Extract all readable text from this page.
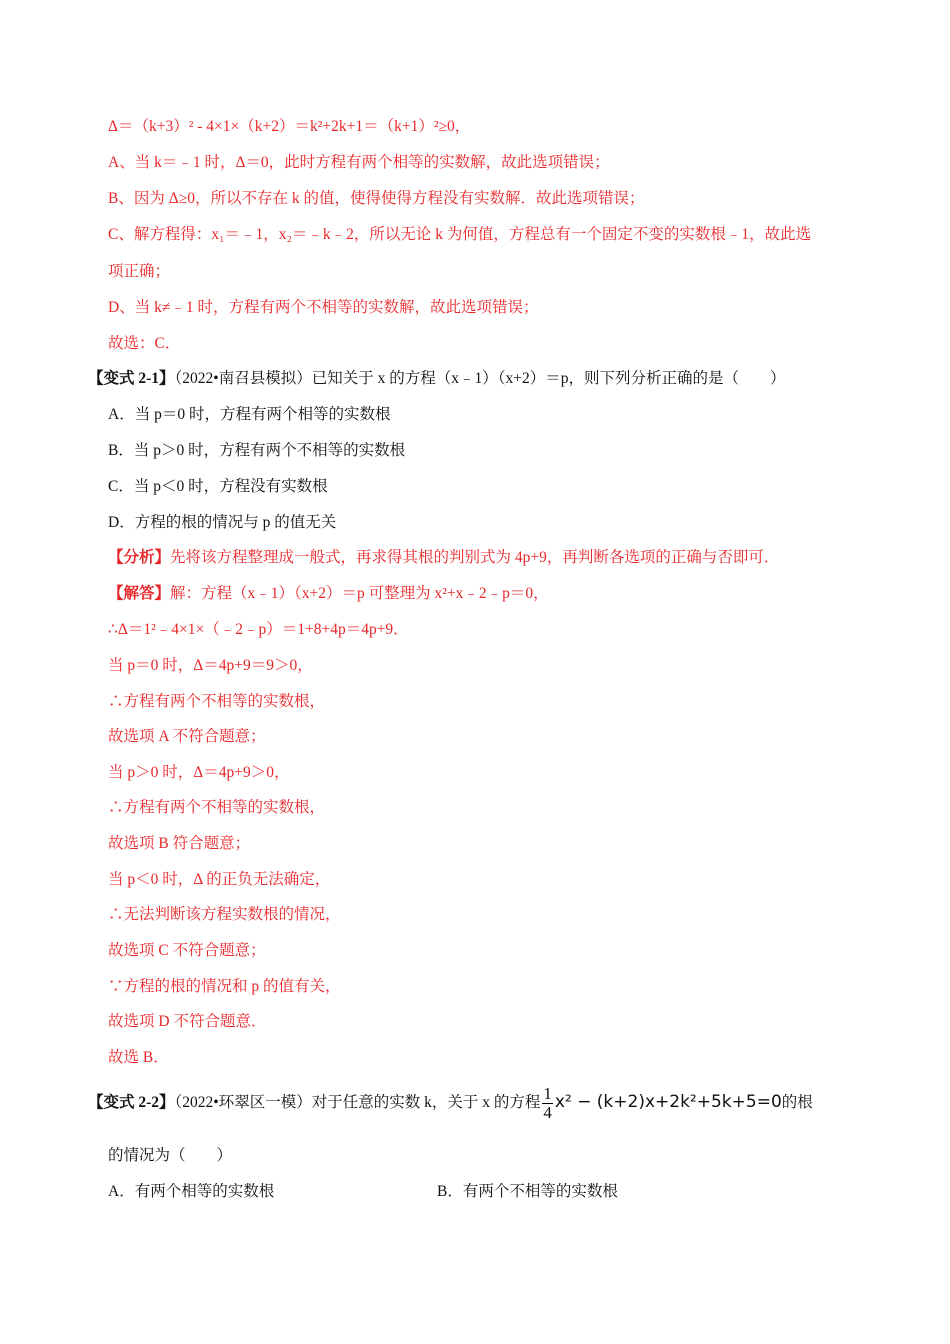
Δ＝（k+3）² ‑ 4×1×（k+2）＝k²+2k+1＝（k+1）²≥0，
A、当 k＝﹣1 时，Δ＝0，此时方程有两个相等的实数解，故此选项错误；
B、因为 Δ≥0，所以不存在 k 的值，使得使得方程没有实数解．故此选项错误；
C、解方程得：x₁＝﹣1，x₂＝﹣k﹣2，所以无论 k 为何值，方程总有一个固定不变的实数根﹣1，故此选
项正确；
D、当 k≠﹣1 时，方程有两个不相等的实数解，故此选项错误；
故选：C．
【变式 2-1】（2022•南召县模拟）已知关于 x 的方程（x﹣1）（x+2）＝p，则下列分析正确的是（　　）
A．当 p＝0 时，方程有两个相等的实数根
B．当 p＞0 时，方程有两个不相等的实数根
C．当 p＜0 时，方程没有实数根
D．方程的根的情况与 p 的值无关
【分析】先将该方程整理成一般式，再求得其根的判别式为 4p+9，再判断各选项的正确与否即可．
【解答】解：方程（x﹣1）（x+2）＝p 可整理为 x²+x﹣2﹣p＝0，
∴Δ＝1²﹣4×1×（﹣2﹣p）＝1+8+4p＝4p+9．
当 p＝0 时，Δ＝4p+9＝9＞0，
∴方程有两个不相等的实数根，
故选项 A 不符合题意；
当 p＞0 时，Δ＝4p+9＞0，
∴方程有两个不相等的实数根，
故选项 B 符合题意；
当 p＜0 时，Δ 的正负无法确定，
∴无法判断该方程实数根的情况，
故选项 C 不符合题意；
∵方程的根的情况和 p 的值有关，
故选项 D 不符合题意．
故选 B．
【变式 2-2】（2022•环翠区一模）对于任意的实数 k，关于 x 的方程 $\frac{1}{4} x^2 - (k+2)x+2k^2+5k+5=0$的根
的情况为（　　）
A．有两个相等的实数根	B．有两个不相等的实数根
